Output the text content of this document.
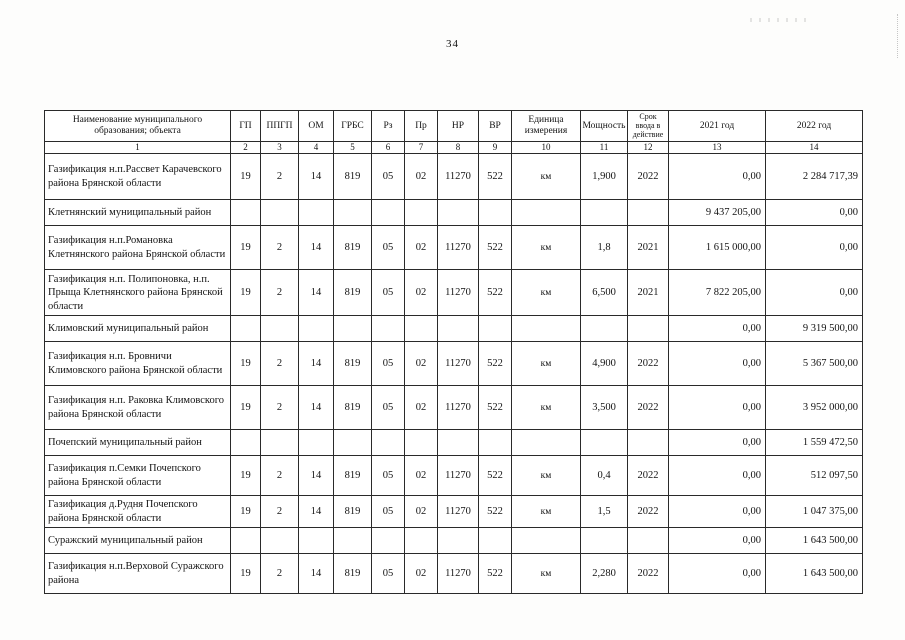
34
Наименование муниципального образования; объекта	ГП	ППГП	ОМ	ГРБС	Рз	Пр	НР	ВР	Единица измерения	Мощность	Срок ввода в действие	2021 год	2022 год
1	2	3	4	5	6	7	8	9	10	11	12	13	14
Газификация н.п.Рассвет Карачевского района Брянской области	19	2	14	819	05	02	11270	522	км	1,900	2022	0,00	2 284 717,39
Клетнянский муниципальный район												9 437 205,00	0,00
Газификация н.п.Романовка Клетнянского района Брянской области	19	2	14	819	05	02	11270	522	км	1,8	2021	1 615 000,00	0,00
Газификация н.п. Полипоновка, н.п. Прыща Клетнянского района Брянской области	19	2	14	819	05	02	11270	522	км	6,500	2021	7 822 205,00	0,00
Климовский муниципальный район												0,00	9 319 500,00
Газификация н.п. Бровничи Климовского района Брянской области	19	2	14	819	05	02	11270	522	км	4,900	2022	0,00	5 367 500,00
Газификация н.п. Раковка Климовского района Брянской области	19	2	14	819	05	02	11270	522	км	3,500	2022	0,00	3 952 000,00
Почепский муниципальный район												0,00	1 559 472,50
Газификация п.Семки Почепского района Брянской области	19	2	14	819	05	02	11270	522	км	0,4	2022	0,00	512 097,50
Газификация д.Рудня Почепского района Брянской области	19	2	14	819	05	02	11270	522	км	1,5	2022	0,00	1 047 375,00
Суражский муниципальный район												0,00	1 643 500,00
Газификация н.п.Верховой Суражского района	19	2	14	819	05	02	11270	522	км	2,280	2022	0,00	1 643 500,00
